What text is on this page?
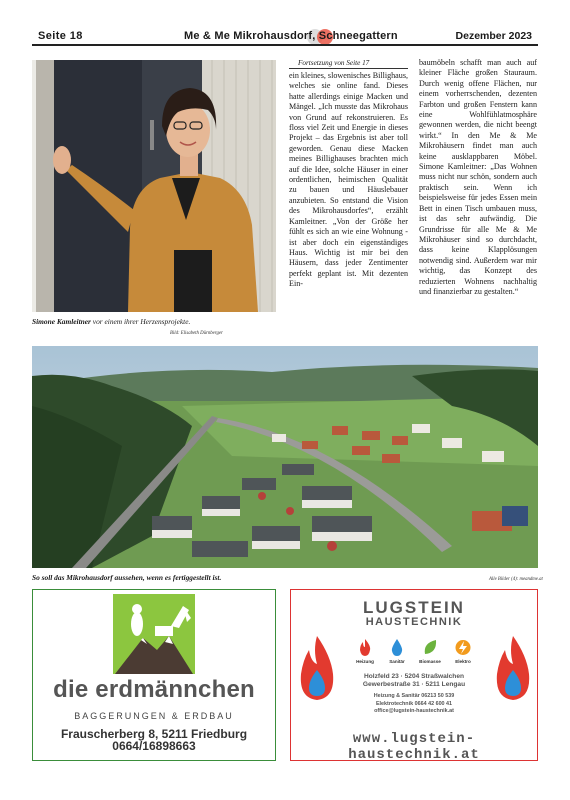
Seite 18	Me & Me Mikrohausdorf, Schneegattern	Dezember 2023
Simone Kamleitner vor einem ihrer Herzensprojekte.
Bild: Elisabeth Dürnberger
Fortsetzung von Seite 17
ein kleines, slowenisches Billighaus, welches sie online fand. Dieses hatte allerdings einige Macken und Mängel. „Ich musste das Mikrohaus von Grund auf rekonstruieren. Es floss viel Zeit und Energie in dieses Projekt – das Ergebnis ist aber toll geworden. Genau diese Macken meines Billighauses brachten mich auf die Idee, solche Häuser in einer ordentlichen, heimischen Qualität zu bauen und Häuslebauer anzubieten. So entstand die Vision des Mikrohausdorfes“, erzählt Kamleitner. „Von der Größe her fühlt es sich an wie eine Wohnung - ist aber doch ein eigenständiges Haus. Wichtig ist mir bei den Häusern, dass jeder Zentimenter perfekt geplant ist. Mit dezenten Ein-
baumöbeln schafft man auch auf kleiner Fläche großen Stauraum. Durch wenig offene Flächen, nur einem vorherrschenden, dezenten Farbton und großen Fenstern kann eine Wohlfühlatmosphäre gewonnen werden, die nicht beengt wirkt.“ In den Me & Me Mikrohäusern findet man auch keine ausklappbaren Möbel. Simone Kamleitner: „Das Wohnen muss nicht nur schön, sondern auch praktisch sein. Wenn ich beispielsweise für jedes Essen mein Bett in einen Tisch umbauen muss, ist das sehr aufwändig. Die Grundrisse für alle Me & Me Mikrohäuser sind so durchdacht, dass keine Klapplösungen notwendig sind. Außerdem war mir wichtig, das Konzept des reduzierten Wohnens nachhaltig und finanzierbar zu gestalten.“
So soll das Mikrohausdorf aussehen, wenn es fertiggestellt ist.	Alle Bilder (4): meandme.at
die erdmännchen
BAGGERUNGEN & ERDBAU
Frauscherberg 8, 5211 Friedburg
0664/16898663
LUGSTEIN
HAUSTECHNIK
Heizung	Sanitär	Biomasse	Elektro
Holzfeld 23 · 5204 Straßwalchen
Gewerbestraße 31 · 5211 Lengau
Heizung & Sanitär 06213 50 539
Elektrotechnik 0664 42 600 41
office@lugstein-haustechnik.at
www.lugstein-haustechnik.at
